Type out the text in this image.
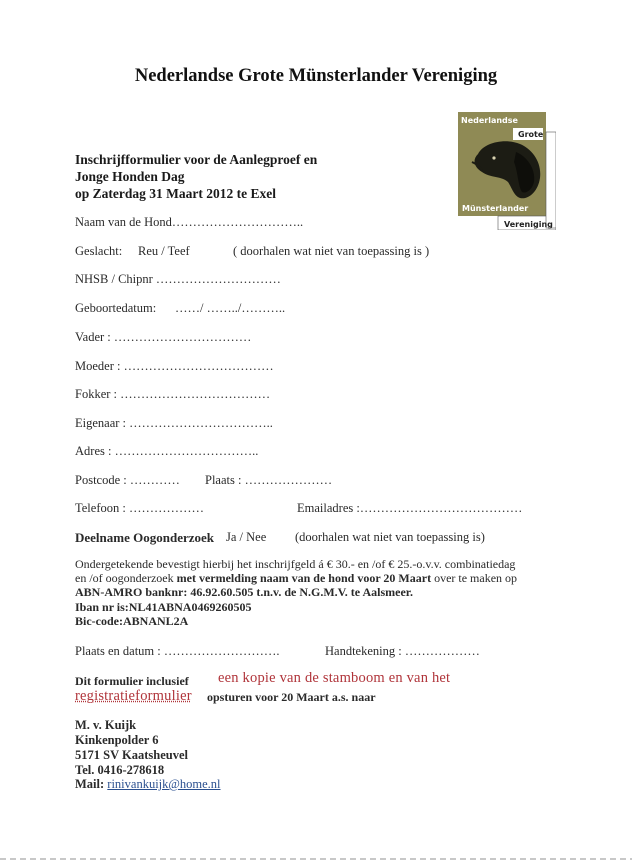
Nederlandse Grote Münsterlander Vereniging
Nederlandse
Grote
Münsterlander
Vereniging
Inschrijfformulier voor de Aanlegproef en
Jonge Honden Dag
op Zaterdag 31 Maart 2012 te Exel
Naam van de Hond…………………………..
Geslacht: Reu / Teef	( doorhalen wat niet van toepassing is )
NHSB / Chipnr …………………………
Geboortedatum: ……/ ……../………..
Vader : ……………………………
Moeder : ………………………………
Fokker : ………………………………
Eigenaar : ……………………………..
Adres : ……………………………..
Postcode : ………… Plaats : …………………
Telefoon : ………………	Emailadres :…………………………………
Deelname Oogonderzoek Ja / Nee (doorhalen wat niet van toepassing is)
Ondergetekende bevestigt hierbij het inschrijfgeld á € 30.- en /of € 25.-o.v.v. combinatiedag
en /of oogonderzoek met vermelding naam van de hond voor 20 Maart over te maken op
ABN-AMRO banknr: 46.92.60.505 t.n.v. de N.G.M.V. te Aalsmeer.
Iban nr is:NL41ABNA0469260505
Bic-code:ABNANL2A
Plaats en datum : ……………………….	Handtekening : ………………
Dit formulier inclusief een kopie van de stamboom en van het
registratieformulier opsturen voor 20 Maart a.s. naar
M. v. Kuijk
Kinkenpolder 6
5171 SV Kaatsheuvel
Tel. 0416-278618
Mail: rinivankuijk@home.nl
